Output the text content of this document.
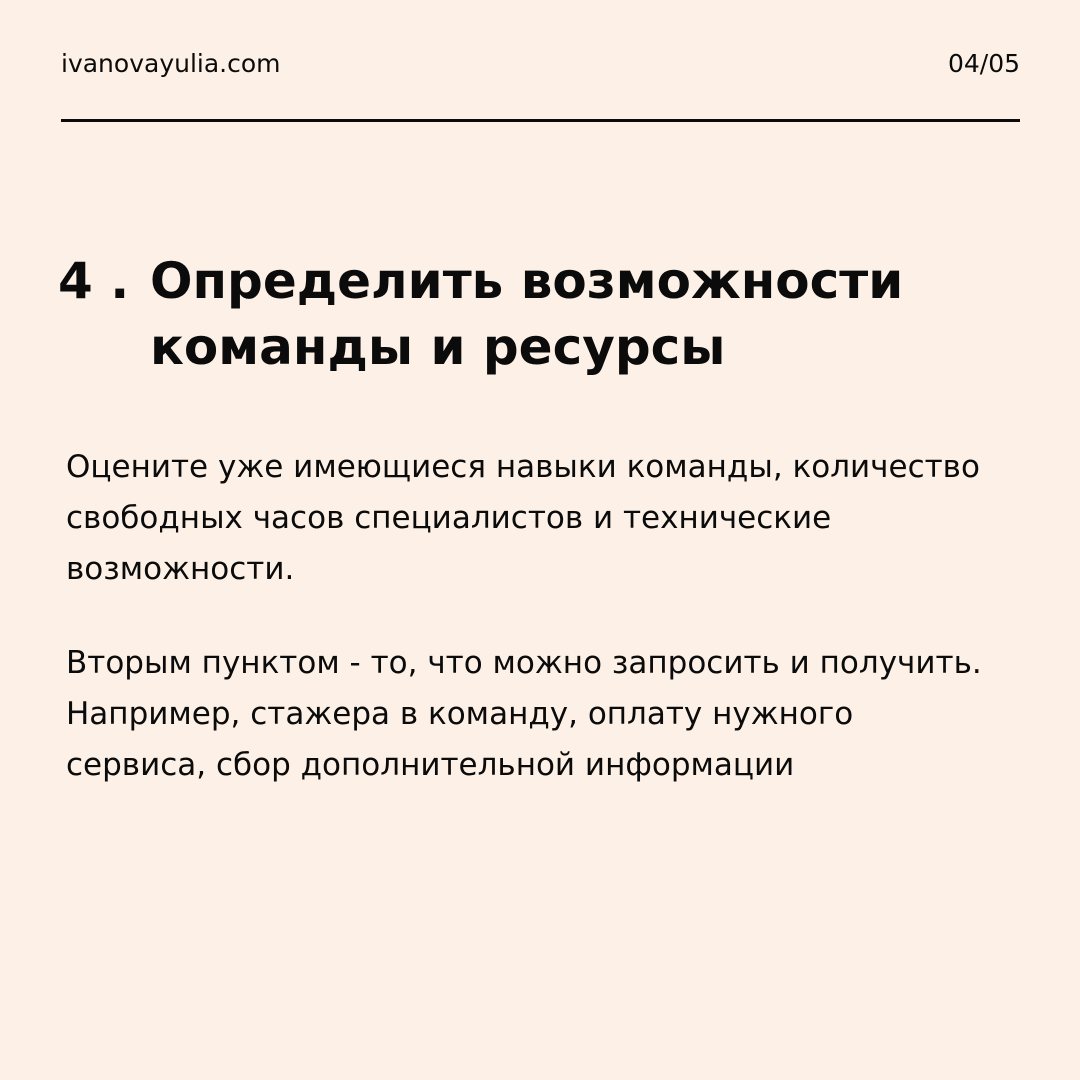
ivanovayulia.com	04/05
4 . Определить возможности команды и ресурсы
Оцените уже имеющиеся навыки команды, количество свободных часов специалистов и технические возможности.
Вторым пунктом - то, что можно запросить и получить. Например, стажера в команду, оплату нужного сервиса, сбор дополнительной информации
